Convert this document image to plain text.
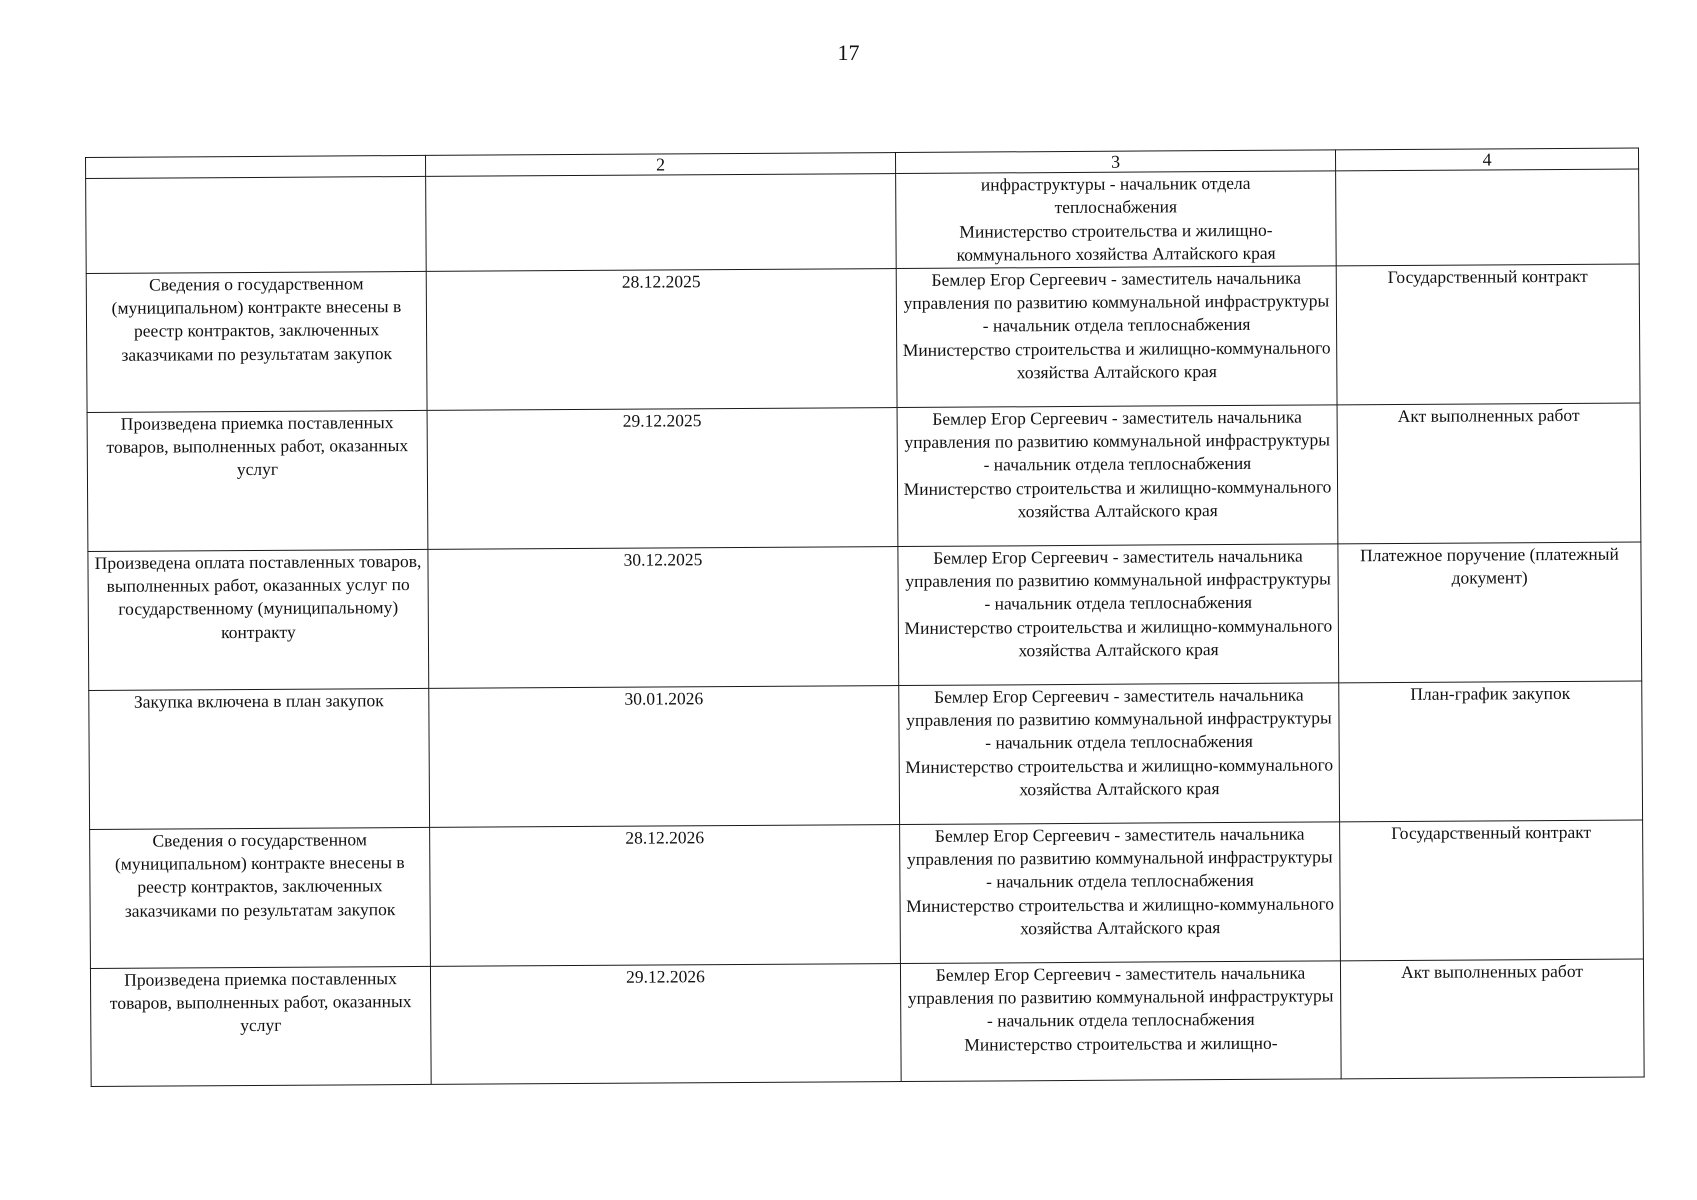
17
	2	3	4

		инфраструктуры - начальник отдела
теплоснабжения
Министерство строительства и жилищно-
коммунального хозяйства Алтайского края	

Сведения о государственном (муниципальном) контракте внесены в реестр контрактов, заключенных заказчиками по результатам закупок	28.12.2025	Бемлер Егор Сергеевич - заместитель начальника управления по развитию коммунальной инфраструктуры - начальник отдела теплоснабжения
Министерство строительства и жилищно-коммунального хозяйства Алтайского края	Государственный контракт
Произведена приемка поставленных товаров, выполненных работ, оказанных услуг	29.12.2025	Бемлер Егор Сергеевич - заместитель начальника управления по развитию коммунальной инфраструктуры - начальник отдела теплоснабжения
Министерство строительства и жилищно-коммунального хозяйства Алтайского края	Акт выполненных работ
Произведена оплата поставленных товаров, выполненных работ, оказанных услуг по государственному (муниципальному) контракту	30.12.2025	Бемлер Егор Сергеевич - заместитель начальника управления по развитию коммунальной инфраструктуры - начальник отдела теплоснабжения
Министерство строительства и жилищно-коммунального хозяйства Алтайского края	Платежное поручение (платежный документ)
Закупка включена в план закупок	30.01.2026	Бемлер Егор Сергеевич - заместитель начальника управления по развитию коммунальной инфраструктуры - начальник отдела теплоснабжения
Министерство строительства и жилищно-коммунального хозяйства Алтайского края	План-график закупок
Сведения о государственном (муниципальном) контракте внесены в реестр контрактов, заключенных заказчиками по результатам закупок	28.12.2026	Бемлер Егор Сергеевич - заместитель начальника управления по развитию коммунальной инфраструктуры - начальник отдела теплоснабжения
Министерство строительства и жилищно-коммунального хозяйства Алтайского края	Государственный контракт
Произведена приемка поставленных товаров, выполненных работ, оказанных услуг	29.12.2026	Бемлер Егор Сергеевич - заместитель начальника управления по развитию коммунальной инфраструктуры - начальник отдела теплоснабжения
Министерство строительства и жилищно-	Акт выполненных работ
